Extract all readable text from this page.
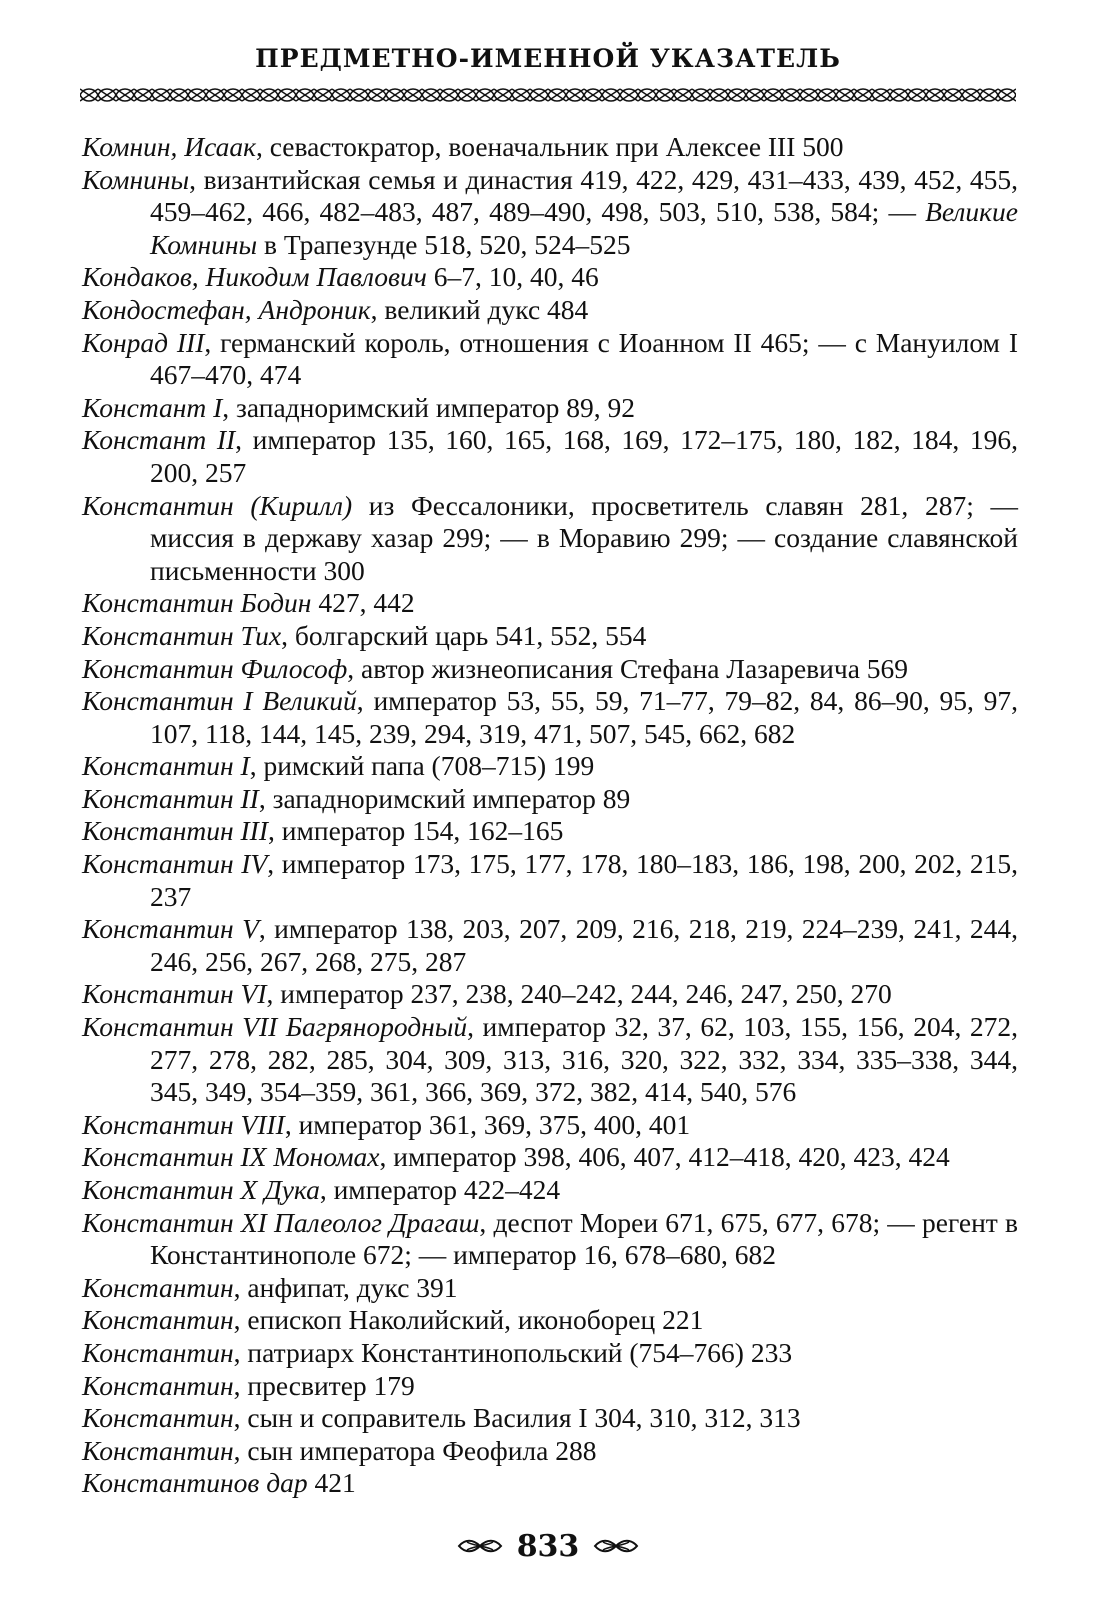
ПРЕДМЕТНО-ИМЕННОЙ УКАЗАТЕЛЬ
Комнин, Исаак, севастократор, военачальник при Алексее III 500
Комнины, византийская семья и династия 419, 422, 429, 431–433, 439, 452, 455, 459–462, 466, 482–483, 487, 489–490, 498, 503, 510, 538, 584; — Великие Комнины в Трапезунде 518, 520, 524–525
Кондаков, Никодим Павлович 6–7, 10, 40, 46
Кондостефан, Андроник, великий дукс 484
Конрад III, германский король, отношения с Иоанном II 465; — с Мануилом I 467–470, 474
Констант I, западноримский император 89, 92
Констант II, император 135, 160, 165, 168, 169, 172–175, 180, 182, 184, 196, 200, 257
Константин (Кирилл) из Фессалоники, просветитель славян 281, 287; — миссия в державу хазар 299; — в Моравию 299; — создание славянской письменности 300
Константин Бодин 427, 442
Константин Тих, болгарский царь 541, 552, 554
Константин Философ, автор жизнеописания Стефана Лазаревича 569
Константин I Великий, император 53, 55, 59, 71–77, 79–82, 84, 86–90, 95, 97, 107, 118, 144, 145, 239, 294, 319, 471, 507, 545, 662, 682
Константин I, римский папа (708–715) 199
Константин II, западноримский император 89
Константин III, император 154, 162–165
Константин IV, император 173, 175, 177, 178, 180–183, 186, 198, 200, 202, 215, 237
Константин V, император 138, 203, 207, 209, 216, 218, 219, 224–239, 241, 244, 246, 256, 267, 268, 275, 287
Константин VI, император 237, 238, 240–242, 244, 246, 247, 250, 270
Константин VII Багрянородный, император 32, 37, 62, 103, 155, 156, 204, 272, 277, 278, 282, 285, 304, 309, 313, 316, 320, 322, 332, 334, 335–338, 344, 345, 349, 354–359, 361, 366, 369, 372, 382, 414, 540, 576
Константин VIII, император 361, 369, 375, 400, 401
Константин IX Мономах, император 398, 406, 407, 412–418, 420, 423, 424
Константин X Дука, император 422–424
Константин XI Палеолог Драгаш, деспот Мореи 671, 675, 677, 678; — регент в Константинополе 672; — император 16, 678–680, 682
Константин, анфипат, дукс 391
Константин, епископ Наколийский, иконоборец 221
Константин, патриарх Константинопольский (754–766) 233
Константин, пресвитер 179
Константин, сын и соправитель Василия I 304, 310, 312, 313
Константин, сын императора Феофила 288
Константинов дар 421
833
